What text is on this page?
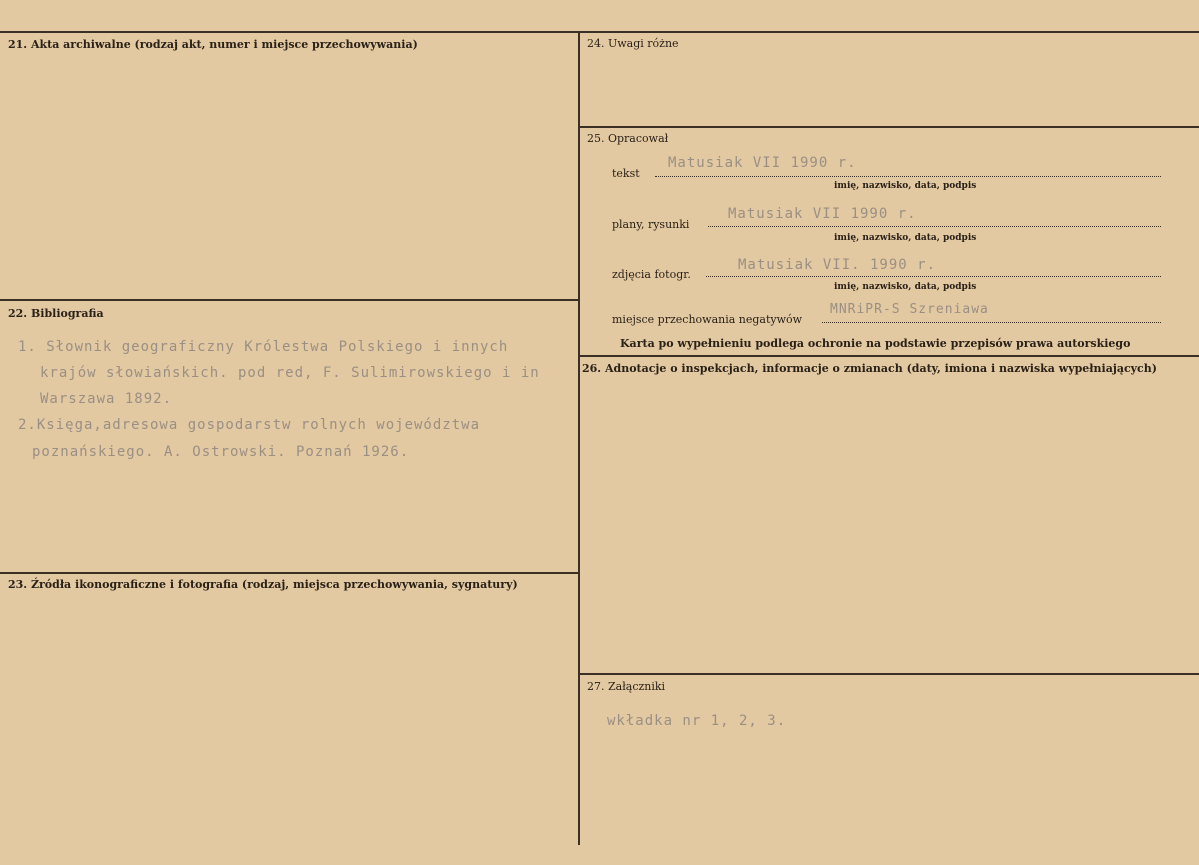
21. Akta archiwalne (rodzaj akt, numer i miejsce przechowywania)
22. Bibliografia
1. Słownik geograficzny Królestwa Polskiego i innych
krajów słowiańskich. pod red, F. Sulimirowskiego i in
Warszawa 1892.
2.Księga,adresowa gospodarstw rolnych województwa
poznańskiego. A. Ostrowski. Poznań 1926.
23. Źródła ikonograficzne i fotografia (rodzaj, miejsca przechowywania, sygnatury)
24. Uwagi różne
25. Opracował
tekst
Matusiak VII 1990 r.
imię, nazwisko, data, podpis
plany, rysunki
Matusiak VII 1990 r.
imię, nazwisko, data, podpis
zdjęcia fotogr.
Matusiak VII. 1990 r.
imię, nazwisko, data, podpis
miejsce przechowania negatywów
MNRiPR-S Szreniawa
Karta po wypełnieniu podlega ochronie na podstawie przepisów prawa autorskiego
26. Adnotacje o inspekcjach, informacje o zmianach (daty, imiona i nazwiska wypełniających)
27. Załączniki
wkładka nr 1, 2, 3.
